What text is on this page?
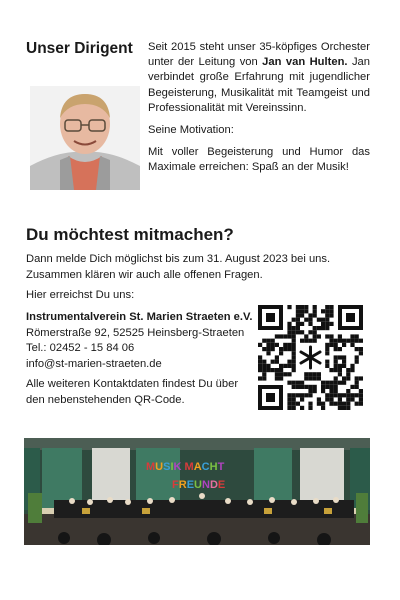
Unser Dirigent Seit 2015 steht unser 35-köpfiges Orchester unter der Leitung von Jan van Hulten. Jan verbindet große Erfahrung mit jugendlicher Begeisterung, Musikalität mit Teamgeist und Professionalität mit Vereinssinn.

Seine Motivation:

Mit voller Begeisterung und Humor das Maximale erreichen: Spaß an der Musik!

Du möchtest mitmachen?
Dann melde Dich möglichst bis zum 31. August 2023 bei uns.
Zusammen klären wir auch alle offenen Fragen.
Hier erreichst Du uns:
Instrumentalverein St. Marien Straeten e.V.
Römerstraße 92, 52525 Heinsberg-Straeten
Tel.: 02452 - 15 84 06
info@st-marien-straeten.de
Alle weiteren Kontaktdaten findest Du über
den nebenstehenden QR-Code.
MUSIK MACHT
FREUNDE
